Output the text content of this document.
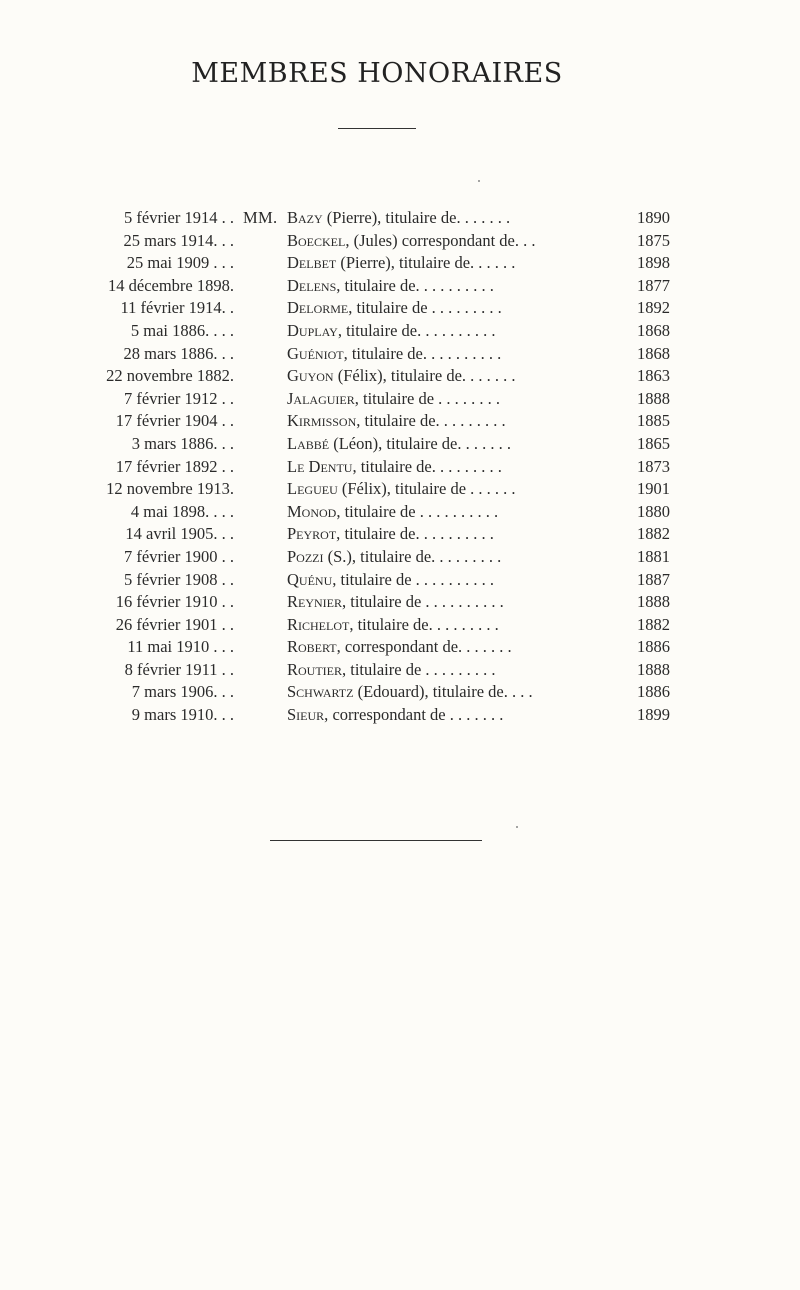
MEMBRES HONORAIRES
5 février 1914 . . MM. Bazy (Pierre), titulaire de. . . . . . .	1890
25 mars 1914. . .	Boeckel, (Jules) correspondant de. . .	1875
25 mai 1909 . . .	Delbet (Pierre), titulaire de. . . . . .	1898
14 décembre 1898.	Delens, titulaire de. . . . . . . . . .	1877
11 février 1914. .	Delorme, titulaire de . . . . . . . . .	1892
5 mai 1886. . . .	Duplay, titulaire de. . . . . . . . . .	1868
28 mars 1886. . .	Guéniot, titulaire de. . . . . . . . . .	1868
22 novembre 1882.	Guyon (Félix), titulaire de. . . . . . .	1863
7 février 1912 . .	Jalaguier, titulaire de . . . . . . . .	1888
17 février 1904 . .	Kirmisson, titulaire de. . . . . . . . .	1885
3 mars 1886. . .	Labbé (Léon), titulaire de. . . . . . .	1865
17 février 1892 . .	Le Dentu, titulaire de. . . . . . . . .	1873
12 novembre 1913.	Legueu (Félix), titulaire de . . . . . .	1901
4 mai 1898. . . .	Monod, titulaire de . . . . . . . . . .	1880
14 avril 1905. . .	Peyrot, titulaire de. . . . . . . . . .	1882
7 février 1900 . .	Pozzi (S.), titulaire de. . . . . . . . .	1881
5 février 1908 . .	Quénu, titulaire de . . . . . . . . . .	1887
16 février 1910 . .	Reynier, titulaire de . . . . . . . . . .	1888
26 février 1901 . .	Richelot, titulaire de. . . . . . . . .	1882
11 mai 1910 . . .	Robert, correspondant de. . . . . . .	1886
8 février 1911 . .	Routier, titulaire de . . . . . . . . .	1888
7 mars 1906. . .	Schwartz (Edouard), titulaire de. . . .	1886
9 mars 1910. . .	Sieur, correspondant de . . . . . . .	1899
